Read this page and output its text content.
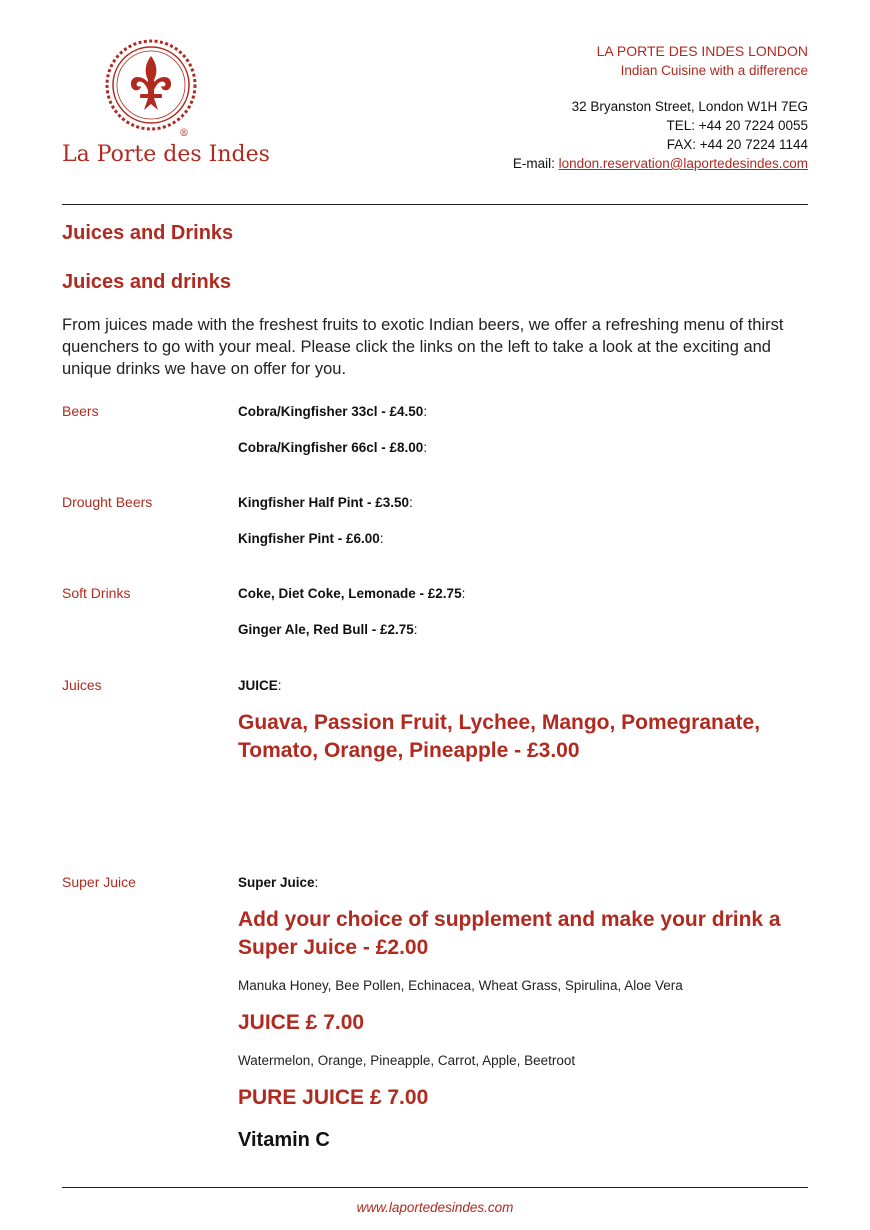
®
La Porte des Indes
LA PORTE DES INDES LONDON
Indian Cuisine with a difference
32 Bryanston Street, London W1H 7EG
TEL: +44 20 7224 0055
FAX: +44 20 7224 1144
E-mail: london.reservation@laportedesindes.com
Juices and Drinks
Juices and drinks
From juices made with the freshest fruits to exotic Indian beers, we offer a refreshing menu of thirst quenchers to go with your meal. Please click the links on the left to take a look at the exciting and unique drinks we have on offer for you.
Beers	Cobra/Kingfisher 33cl - £4.50:
Cobra/Kingfisher 66cl - £8.00:
Drought Beers	Kingfisher Half Pint - £3.50:
Kingfisher Pint - £6.00:
Soft Drinks	Coke, Diet Coke, Lemonade - £2.75:
Ginger Ale, Red Bull - £2.75:
Juices	JUICE:
Guava, Passion Fruit, Lychee, Mango, Pomegranate,
Tomato, Orange, Pineapple - £3.00
Super Juice	Super Juice:
Add your choice of supplement and make your drink a
Super Juice - £2.00
Manuka Honey, Bee Pollen, Echinacea, Wheat Grass, Spirulina, Aloe Vera
JUICE £ 7.00
Watermelon, Orange, Pineapple, Carrot, Apple, Beetroot
PURE JUICE £ 7.00
Vitamin C
www.laportedesindes.com
